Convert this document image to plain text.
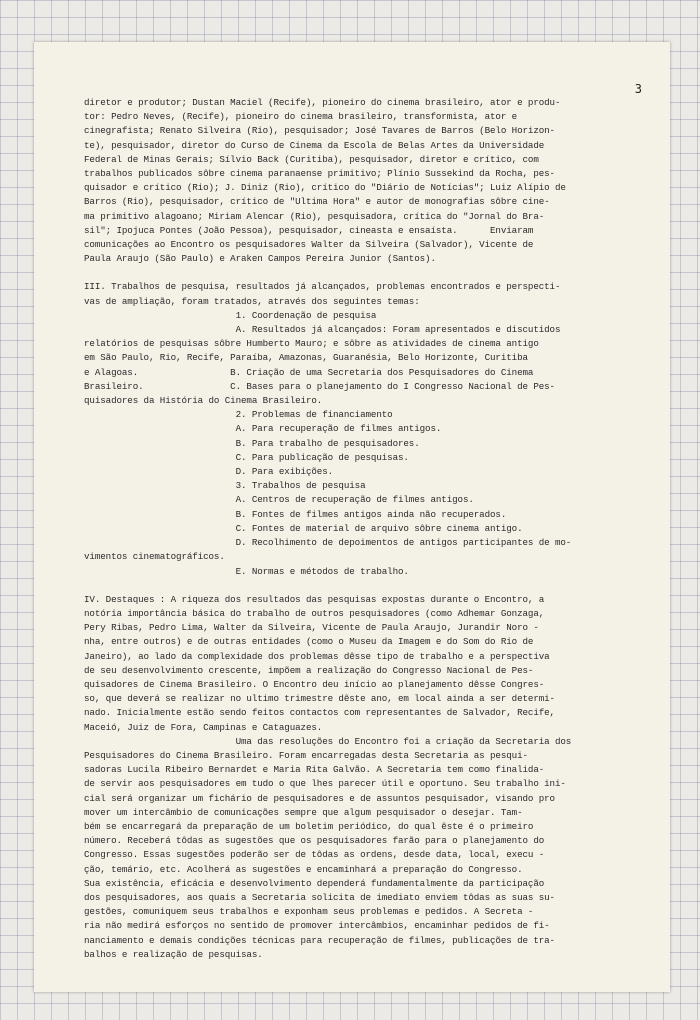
3
diretor e produtor; Dustan Maciel (Recife), pioneiro do cinema brasileiro, ator e produ-
tor: Pedro Neves, (Recife), pioneiro do cinema brasileiro, transformista, ator e
cinegrafista; Renato Silveira (Rio), pesquisador; José Tavares de Barros (Belo Horizon-
te), pesquisador, diretor do Curso de Cinema da Escola de Belas Artes da Universidade
Federal de Minas Gerais; Sílvio Back (Curitiba), pesquisador, diretor e crítico, com
trabalhos publicados sôbre cinema paranaense primitivo; Plínio Sussekind da Rocha, pes-
quisador e crítico (Rio); J. Diniz (Rio), crítico do "Diário de Notícias"; Luiz Alípio de
Barros (Rio), pesquisador, crítico de "Ultima Hora" e autor de monografias sôbre cine-
ma primitivo alagoano; Miriam Alencar (Rio), pesquisadora, crítica do "Jornal do Bra-
sil"; Ipojuca Pontes (João Pessoa), pesquisador, cineasta e ensaísta.      Enviaram
comunicações ao Encontro os pesquisadores Walter da Silveira (Salvador), Vicente de
Paula Araujo (São Paulo) e Araken Campos Pereira Junior (Santos).
III. Trabalhos de pesquisa, resultados já alcançados, problemas encontrados e perspecti-
vas de ampliação, foram tratados, através dos seguintes temas:
1. Coordenação de pesquisa
A. Resultados já alcançados: Foram apresentados e discutidos
relatórios de pesquisas sôbre Humberto Mauro; e sôbre as atividades de cinema antigo
em São Paulo, Rio, Recife, Paraíba, Amazonas, Guaranésia, Belo Horizonte, Curitiba
e Alagoas.                 B. Criação de uma Secretaria dos Pesquisadores do Cinema
Brasileiro.                C. Bases para o planejamento do I Congresso Nacional de Pes-
quisadores da História do Cinema Brasileiro.
2. Problemas de financiamento
A. Para recuperação de filmes antigos.
B. Para trabalho de pesquisadores.
C. Para publicação de pesquisas.
D. Para exibições.
3. Trabalhos de pesquisa
A. Centros de recuperação de filmes antigos.
B. Fontes de filmes antigos ainda não recuperados.
C. Fontes de material de arquivo sôbre cinema antigo.
D. Recolhimento de depoimentos de antigos participantes de mo-
vimentos cinematográficos.
E. Normas e métodos de trabalho.
IV. Destaques : A riqueza dos resultados das pesquisas expostas durante o Encontro, a
notória importância básica do trabalho de outros pesquisadores (como Adhemar Gonzaga,
Pery Ribas, Pedro Lima, Walter da Silveira, Vicente de Paula Araujo, Jurandir Noro -
nha, entre outros) e de outras entidades (como o Museu da Imagem e do Som do Rio de
Janeiro), ao lado da complexidade dos problemas dêsse tipo de trabalho e a perspectiva
de seu desenvolvimento crescente, impõem a realização do Congresso Nacional de Pes-
quisadores de Cinema Brasileiro. O Encontro deu início ao planejamento dêsse Congres-
so, que deverá se realizar no ultimo trimestre dêste ano, em local ainda a ser determi-
nado. Inicialmente estão sendo feitos contactos com representantes de Salvador, Recife,
Maceió, Juiz de Fora, Campinas e Cataguazes.
Uma das resoluções do Encontro foi a criação da Secretaria dos
Pesquisadores do Cinema Brasileiro. Foram encarregadas desta Secretaria as pesqui-
sadoras Lucila Ribeiro Bernardet e Maria Rita Galvão. A Secretaria tem como finalida-
de servir aos pesquisadores em tudo o que lhes parecer útil e oportuno. Seu trabalho ini-
cial será organizar um fichário de pesquisadores e de assuntos pesquisador, visando pro
mover um intercâmbio de comunicações sempre que algum pesquisador o desejar. Tam-
bém se encarregará da preparação de um boletim periódico, do qual êste é o primeiro
número. Receberá tôdas as sugestões que os pesquisadores farão para o planejamento do
Congresso. Essas sugestões poderão ser de tôdas as ordens, desde data, local, execu -
ção, temário, etc. Acolherá as sugestões e encaminhará a preparação do Congresso.
Sua existência, eficácia e desenvolvimento dependerá fundamentalmente da participação
dos pesquisadores, aos quais a Secretaria solicita de imediato enviem tôdas as suas su-
gestões, comuniquem seus trabalhos e exponham seus problemas e pedidos. A Secreta -
ria não medirá esforços no sentido de promover intercâmbios, encaminhar pedidos de fi-
nanciamento e demais condições técnicas para recuperação de filmes, publicações de tra-
balhos e realização de pesquisas.
